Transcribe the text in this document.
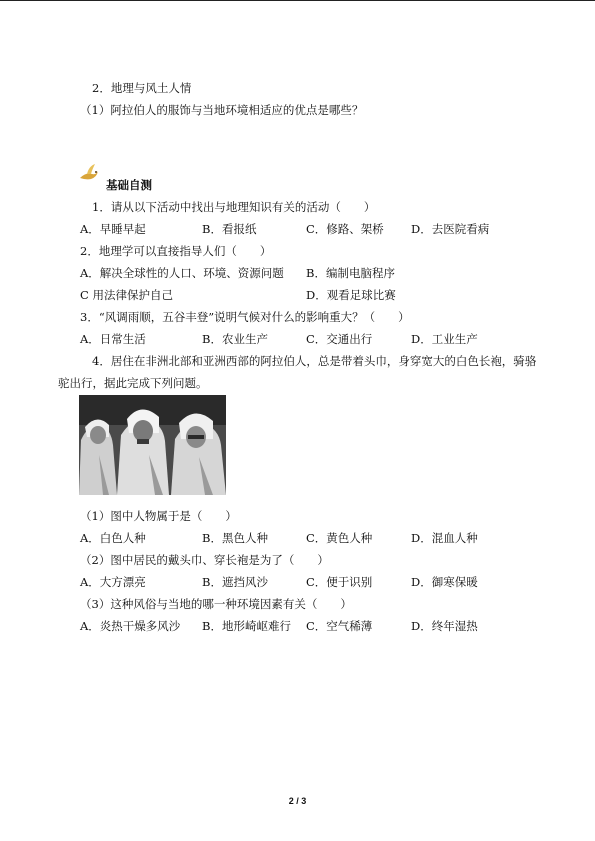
2．地理与风土人情
（1）阿拉伯人的服饰与当地环境相适应的优点是哪些？
基础自测
1．请从以下活动中找出与地理知识有关的活动（　　）
A．早睡早起	B．看报纸	C．修路、架桥 D．去医院看病
2．地理学可以直接指导人们（　　）
A．解决全球性的人口、环境、资源问题 B．编制电脑程序
C 用法律保护自己	D．观看足球比赛
3．“风调雨顺，五谷丰登”说明气候对什么的影响重大？（　　）
A．日常生活	B．农业生产	C．交通出行	D．工业生产
4．居住在非洲北部和亚洲西部的阿拉伯人，总是带着头巾，身穿宽大的白色长袍，骑骆
驼出行，据此完成下列问题。
（1）图中人物属于是（　　）
A．白色人种	B．黑色人种	C．黄色人种	D．混血人种
（2）图中居民的戴头巾、穿长袍是为了（　　）
A．大方漂亮	B．遮挡风沙	C．便于识别	D．御寒保暖
（3）这种风俗与当地的哪一种环境因素有关（　　）
A．炎热干燥多风沙 B．地形崎岖难行 C．空气稀薄	D．终年湿热
2 / 3
